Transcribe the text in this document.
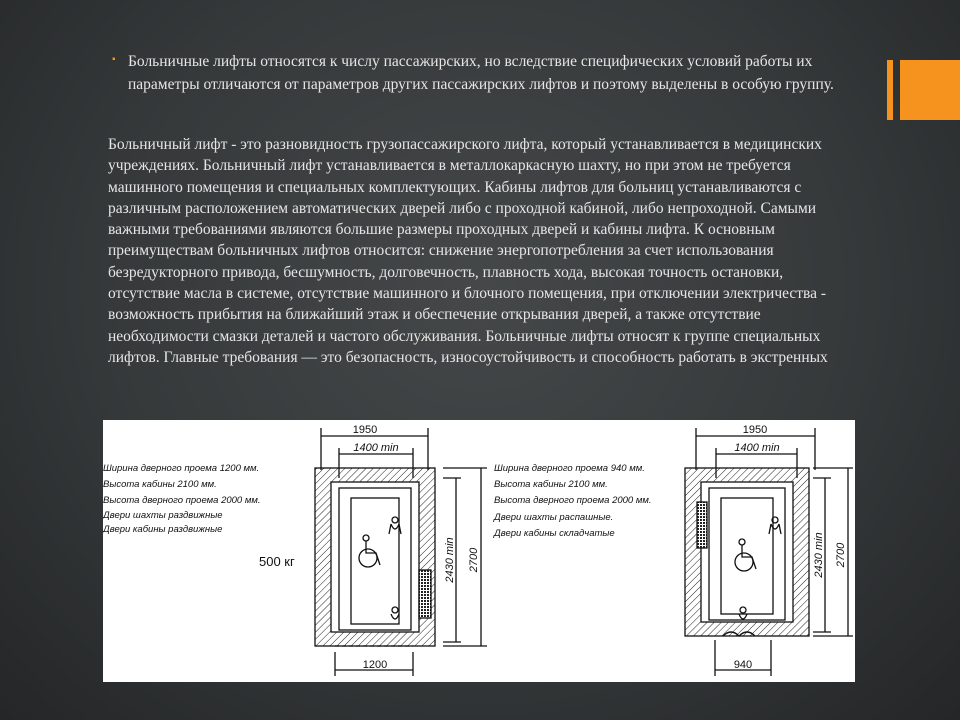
▪ Больничные лифты относятся к числу пассажирских, но вследствие специфических условий работы их параметры отличаются от параметров других пассажирских лифтов и поэтому выделены в особую группу.
Больничный лифт - это разновидность грузопассажирского лифта, который устанавливается в медицинских учреждениях. Больничный лифт устанавливается в металлокаркасную шахту, но при этом не требуется машинного помещения и специальных комплектующих. Кабины лифтов для больниц устанавливаются с различным расположением автоматических дверей либо с проходной кабиной, либо непроходной. Самыми важными требованиями являются большие размеры проходных дверей и кабины лифта. К основным преимуществам больничных лифтов относится: снижение энергопотребления за счет использования безредукторного привода, бесшумность, долговечность, плавность хода, высокая точность остановки, отсутствие масла в системе, отсутствие машинного и блочного помещения, при отключении электричества - возможность прибытия на ближайший этаж и обеспечение открывания дверей, а также отсутствие необходимости смазки деталей и частого обслуживания. Больничные лифты относят к группе специальных лифтов. Главные требования — это безопасность, износоустойчивость и способность работать в экстренных
Ширина дверного проема 1200 мм.
Высота кабины 2100 мм.
Высота дверного проема 2000 мм.
Двери шахты раздвижные
Двери кабины раздвижные
500 кг
1950
1400 min
1200
2430 min 2700
Ширина дверного проема 940 мм.
Высота кабины 2100 мм.
Высота дверного проема 2000 мм.
Двери шахты распашные.
Двери кабины складчатые
1950
1400 min
940
2430 min 2700
